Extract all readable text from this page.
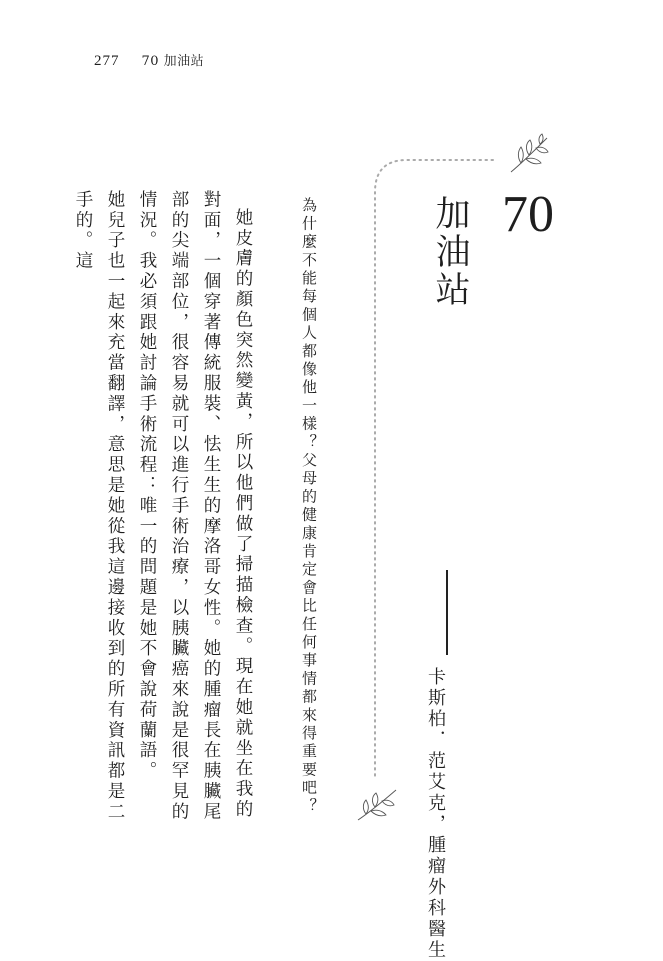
277 70 加油站
70
加油站
卡斯柏．范艾克，腫瘤外科醫生
為什麼不能每個人都像他一樣？父母的健康肯定會比任何事情都來得重要吧？

她皮膚的顏色突然變黃，所以他們做了掃描檢查。現在她就坐在我的對面，一個穿著傳統服裝、怯生生的摩洛哥女性。她的腫瘤長在胰臟尾部的尖端部位，很容易就可以進行手術治療，以胰臟癌來說是很罕見的情況。我必須跟她討論手術流程：唯一的問題是她不會說荷蘭語。

她兒子也一起來充當翻譯，意思是她從我這邊接收到的所有資訊都是二手的。這
